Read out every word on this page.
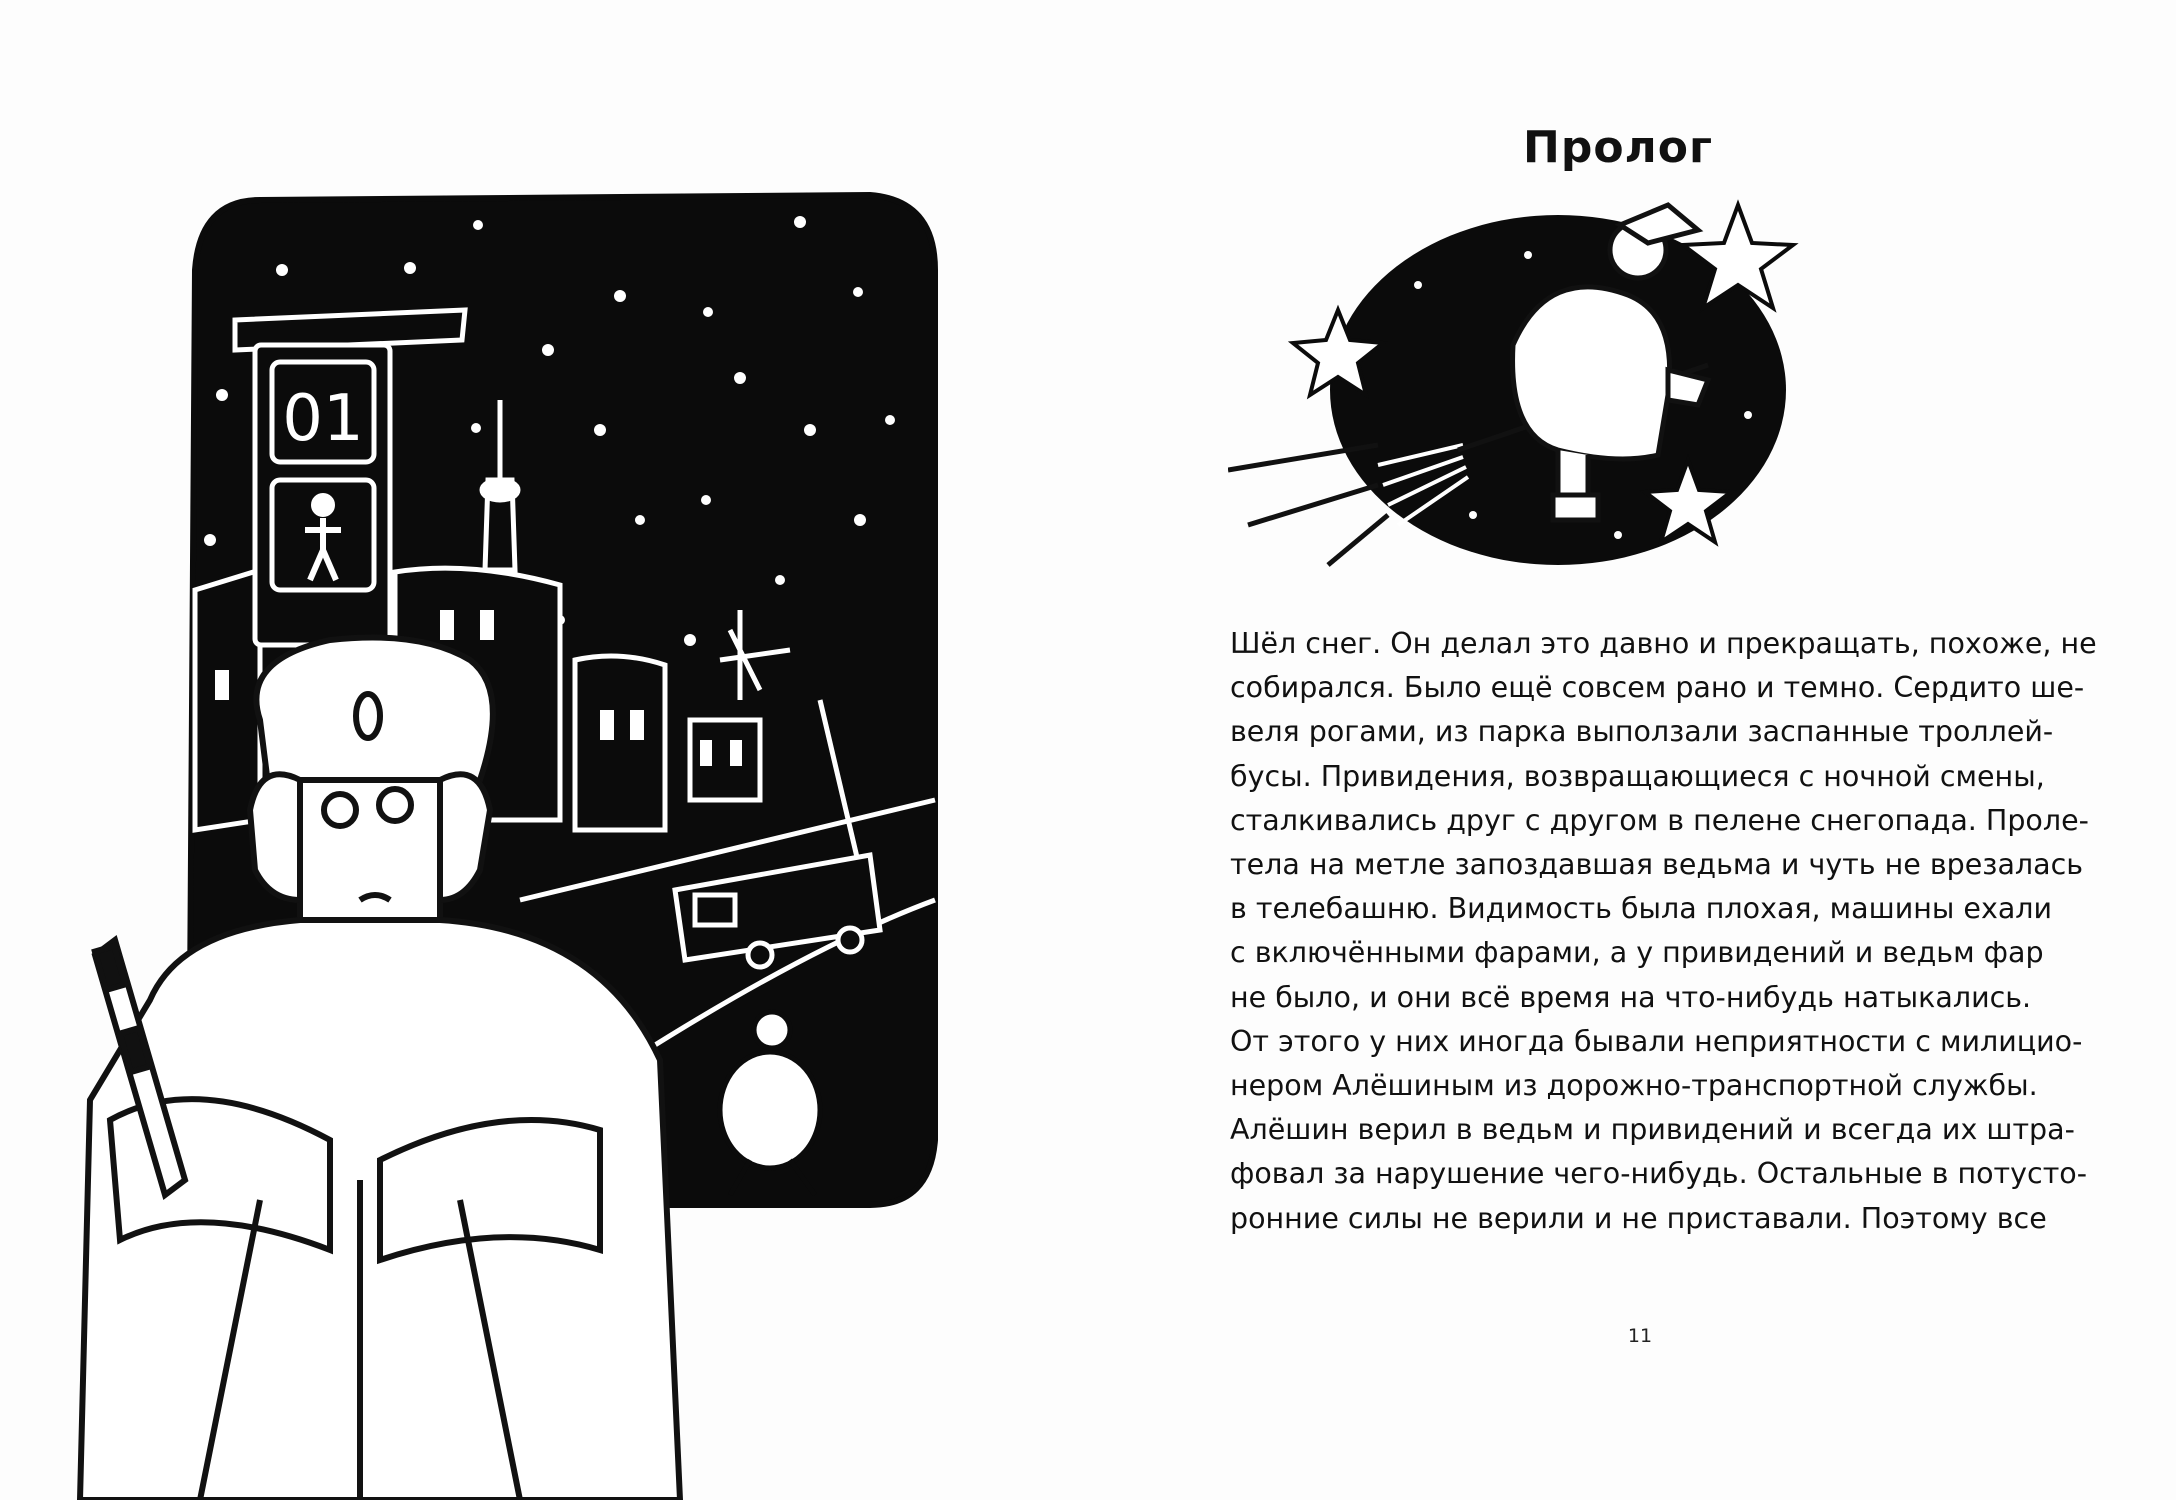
01
Пролог
Шёл снег. Он делал это давно и прекращать, похоже, не
собирался. Было ещё совсем рано и темно. Сердито ше-
веля рогами, из парка выползали заспанные троллей-
бусы. Привидения, возвращающиеся с ночной смены,
сталкивались друг с другом в пелене снегопада. Проле-
тела на метле запоздавшая ведьма и чуть не врезалась
в телебашню. Видимость была плохая, машины ехали
с включёнными фарами, а у привидений и ведьм фар
не было, и они всё время на что-нибудь натыкались.
От этого у них иногда бывали неприятности с милицио-
нером Алёшиным из дорожно-транспортной службы.
Алёшин верил в ведьм и привидений и всегда их штра-
фовал за нарушение чего-нибудь. Остальные в потусто-
ронние силы не верили и не приставали. Поэтому все
11
